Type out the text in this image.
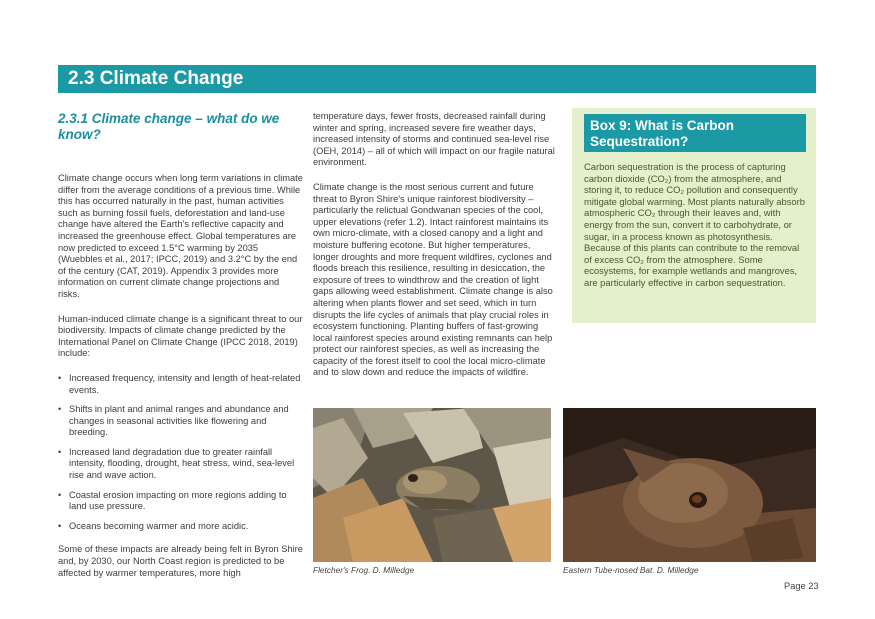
2.3 Climate Change
2.3.1 Climate change – what do we know?

Climate change occurs when long term variations in climate differ from the average conditions of a previous time. While this has occurred naturally in the past, human activities such as burning fossil fuels, deforestation and land-use change have altered the Earth's reflective capacity and increased the greenhouse effect. Global temperatures are now predicted to exceed 1.5°C warming by 2035 (Wuebbles et al., 2017; IPCC, 2019) and 3.2°C by the end of the century (CAT, 2019). Appendix 3 provides more information on current climate change projections and risks.

Human-induced climate change is a significant threat to our biodiversity. Impacts of climate change predicted by the International Panel on Climate Change (IPCC 2018, 2019) include:

• Increased frequency, intensity and length of heat-related events.
• Shifts in plant and animal ranges and abundance and changes in seasonal activities like flowering and breeding.
• Increased land degradation due to greater rainfall intensity, flooding, drought, heat stress, wind, sea-level rise and wave action.
• Coastal erosion impacting on more regions adding to land use pressure.
• Oceans becoming warmer and more acidic.

Some of these impacts are already being felt in Byron Shire and, by 2030, our North Coast region is predicted to be affected by warmer temperatures, more high

temperature days, fewer frosts, decreased rainfall during winter and spring, increased severe fire weather days, increased intensity of storms and continued sea-level rise (OEH, 2014) – all of which will impact on our fragile natural environment.

Climate change is the most serious current and future threat to Byron Shire's unique rainforest biodiversity – particularly the relictual Gondwanan species of the cool, upper elevations (refer 1.2). Intact rainforest maintains its own micro-climate, with a closed canopy and a light and moisture buffering ecotone. But higher temperatures, longer droughts and more frequent wildfires, cyclones and floods breach this resilience, resulting in desiccation, the exposure of trees to windthrow and the creation of light gaps allowing weed establishment. Climate change is also altering when plants flower and set seed, which in turn disrupts the life cycles of animals that play crucial roles in ecosystem functioning. Planting buffers of fast-growing local rainforest species around existing remnants can help protect our rainforest species, as well as increasing the capacity of the forest itself to cool the local micro-climate and to slow down and reduce the impacts of wildfire.

Box 9: What is Carbon Sequestration?
Carbon sequestration is the process of capturing carbon dioxide (CO₂) from the atmosphere, and storing it, to reduce CO₂ pollution and consequently mitigate global warming. Most plants naturally absorb atmospheric CO₂ through their leaves and, with energy from the sun, convert it to carbohydrate, or sugar, in a process known as photosynthesis. Because of this plants can contribute to the removal of excess CO₂ from the atmosphere. Some ecosystems, for example wetlands and mangroves, are particularly effective in carbon sequestration.
Fletcher's Frog. D. Milledge	Eastern Tube-nosed Bat. D. Milledge
Page 23
